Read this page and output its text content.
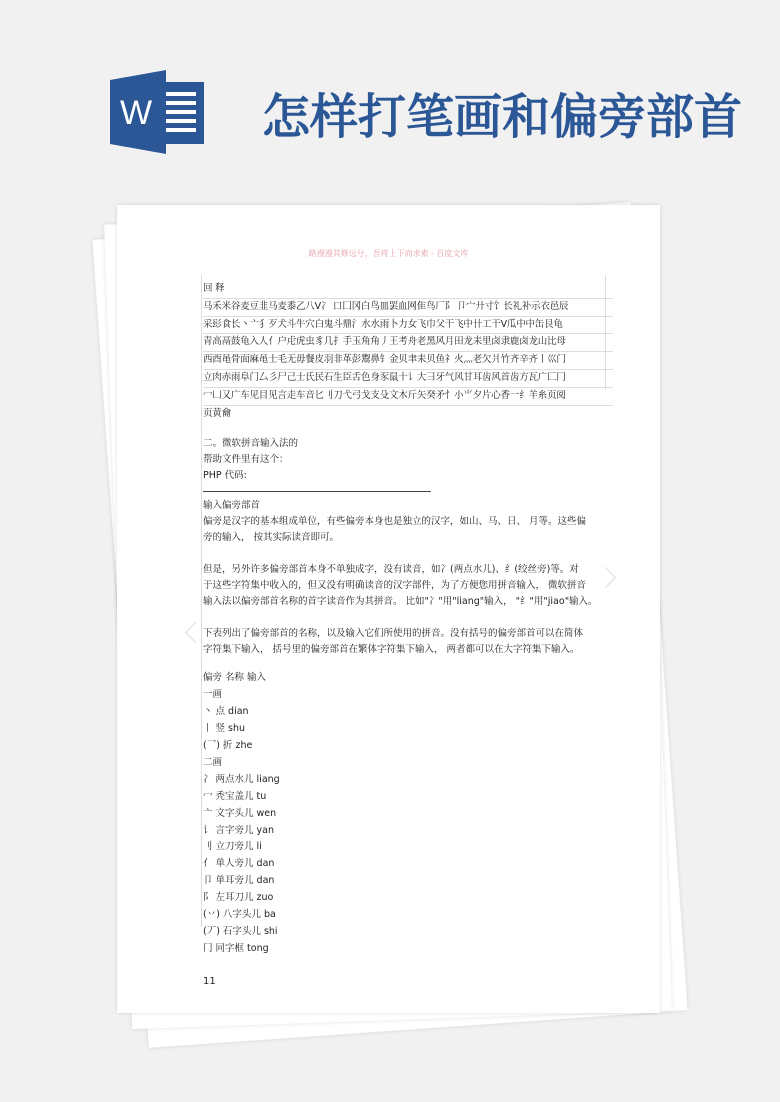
W 怎样打笔画和偏旁部首
路漫漫其修远兮，吾将上下而求索 - 百度文库
回 释
马禾米谷麦豆韭马麦黍乙八V冫 口囗冈白鸟皿罢血网隹鸟厂阝 卩宀廾寸饣长礼补示衣邑辰
采髟食长丶亠犭歹犬斗牛穴白鬼斗鼎氵水水雨卜力女飞巾父干飞中卄工干V瓜中中缶艮龟
青高鬲鼓龟入人亻户虍虎虫豸几扌手玉角角丿王考舟老黑风月田龙耒里卤隶鹿卤龙山比母
西酉黾骨面麻黾士毛无毋餐皮羽非革彭鬻鼻钅金贝聿耒贝鱼礻火灬老欠爿竹齐辛齐丨巛门
立肉赤雨阜门厶彡尸己士氏民石生臣舌色身豕鼠十讠大彐牙气风甘耳齿风首齿方瓦广匚冂
冖凵又广车见目见言走车音匕刂刀弋弓戈支殳文木斤矢癸矛忄小⺌夕片心香一纟羊糸页阅
页黄龠
二。微软拼音输入法的
帮助文件里有这个：
PHP 代码:
输入偏旁部首
偏旁是汉字的基本组成单位，有些偏旁本身也是独立的汉字，如山、马、日、 月等。这些偏
旁的输入， 按其实际读音即可。
但是，另外许多偏旁部首本身不单独成字，没有读音，如冫(两点水儿)、纟(绞丝旁)等。对
于这些字符集中收入的，但又没有明确读音的汉字部件，为了方便您用拼音输入， 微软拼音
输入法以偏旁部首名称的首字读音作为其拼音。 比如"冫"用"liang"输入， "纟"用"jiao"输入。
下表列出了偏旁部首的名称，以及输入它们所使用的拼音。没有括号的偏旁部首可以在简体
字符集下输入， 括号里的偏旁部首在繁体字符集下输入， 两者都可以在大字符集下输入。
偏旁 名称 输入
一画
丶 点 dian
丨 竖 shu
(乛) 折 zhe
二画
冫 两点水儿 liang
冖 秃宝盖儿 tu
亠 文字头儿 wen
讠 言字旁儿 yan
刂 立刀旁儿 li
亻 单人旁儿 dan
卩 单耳旁儿 dan
阝 左耳刀儿 zuo
(丷) 八字头儿 ba
(丆) 石字头儿 shi
冂 同字框 tong
11
